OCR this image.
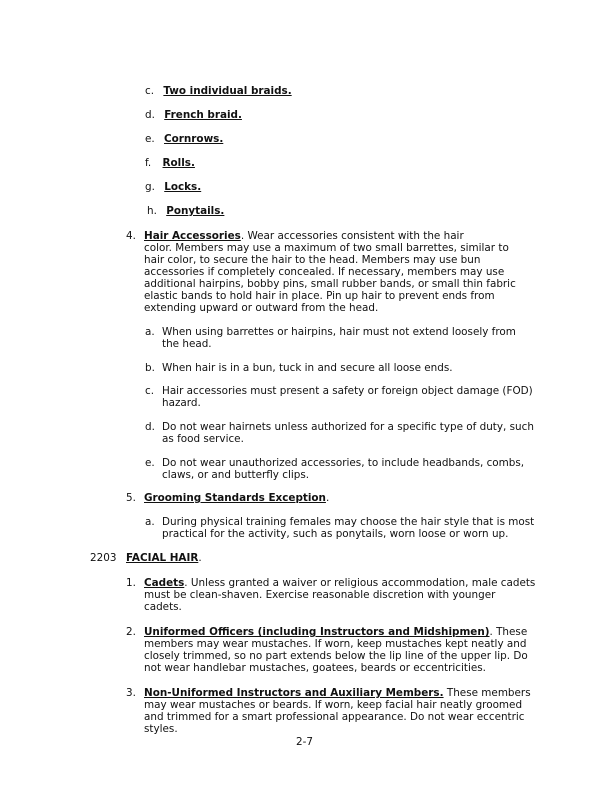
c. Two individual braids.
d. French braid.
e. Cornrows.
f. Rolls.
g. Locks.
h. Ponytails.
4. Hair Accessories. Wear accessories consistent with the hair
color. Members may use a maximum of two small barrettes, similar to
hair color, to secure the hair to the head. Members may use bun
accessories if completely concealed. If necessary, members may use
additional hairpins, bobby pins, small rubber bands, or small thin fabric
elastic bands to hold hair in place. Pin up hair to prevent ends from
extending upward or outward from the head.
a. When using barrettes or hairpins, hair must not extend loosely from
the head.
b. When hair is in a bun, tuck in and secure all loose ends.
c. Hair accessories must present a safety or foreign object damage (FOD)
hazard.
d. Do not wear hairnets unless authorized for a specific type of duty, such
as food service.
e. Do not wear unauthorized accessories, to include headbands, combs,
claws, or and butterfly clips.
5. Grooming Standards Exception.
a. During physical training females may choose the hair style that is most
practical for the activity, such as ponytails, worn loose or worn up.
2203 FACIAL HAIR.
1. Cadets. Unless granted a waiver or religious accommodation, male cadets
must be clean-shaven. Exercise reasonable discretion with younger
cadets.
2. Uniformed Officers (including Instructors and Midshipmen). These
members may wear mustaches. If worn, keep mustaches kept neatly and
closely trimmed, so no part extends below the lip line of the upper lip. Do
not wear handlebar mustaches, goatees, beards or eccentricities.
3. Non-Uniformed Instructors and Auxiliary Members. These members
may wear mustaches or beards. If worn, keep facial hair neatly groomed
and trimmed for a smart professional appearance. Do not wear eccentric
styles.
2-7
